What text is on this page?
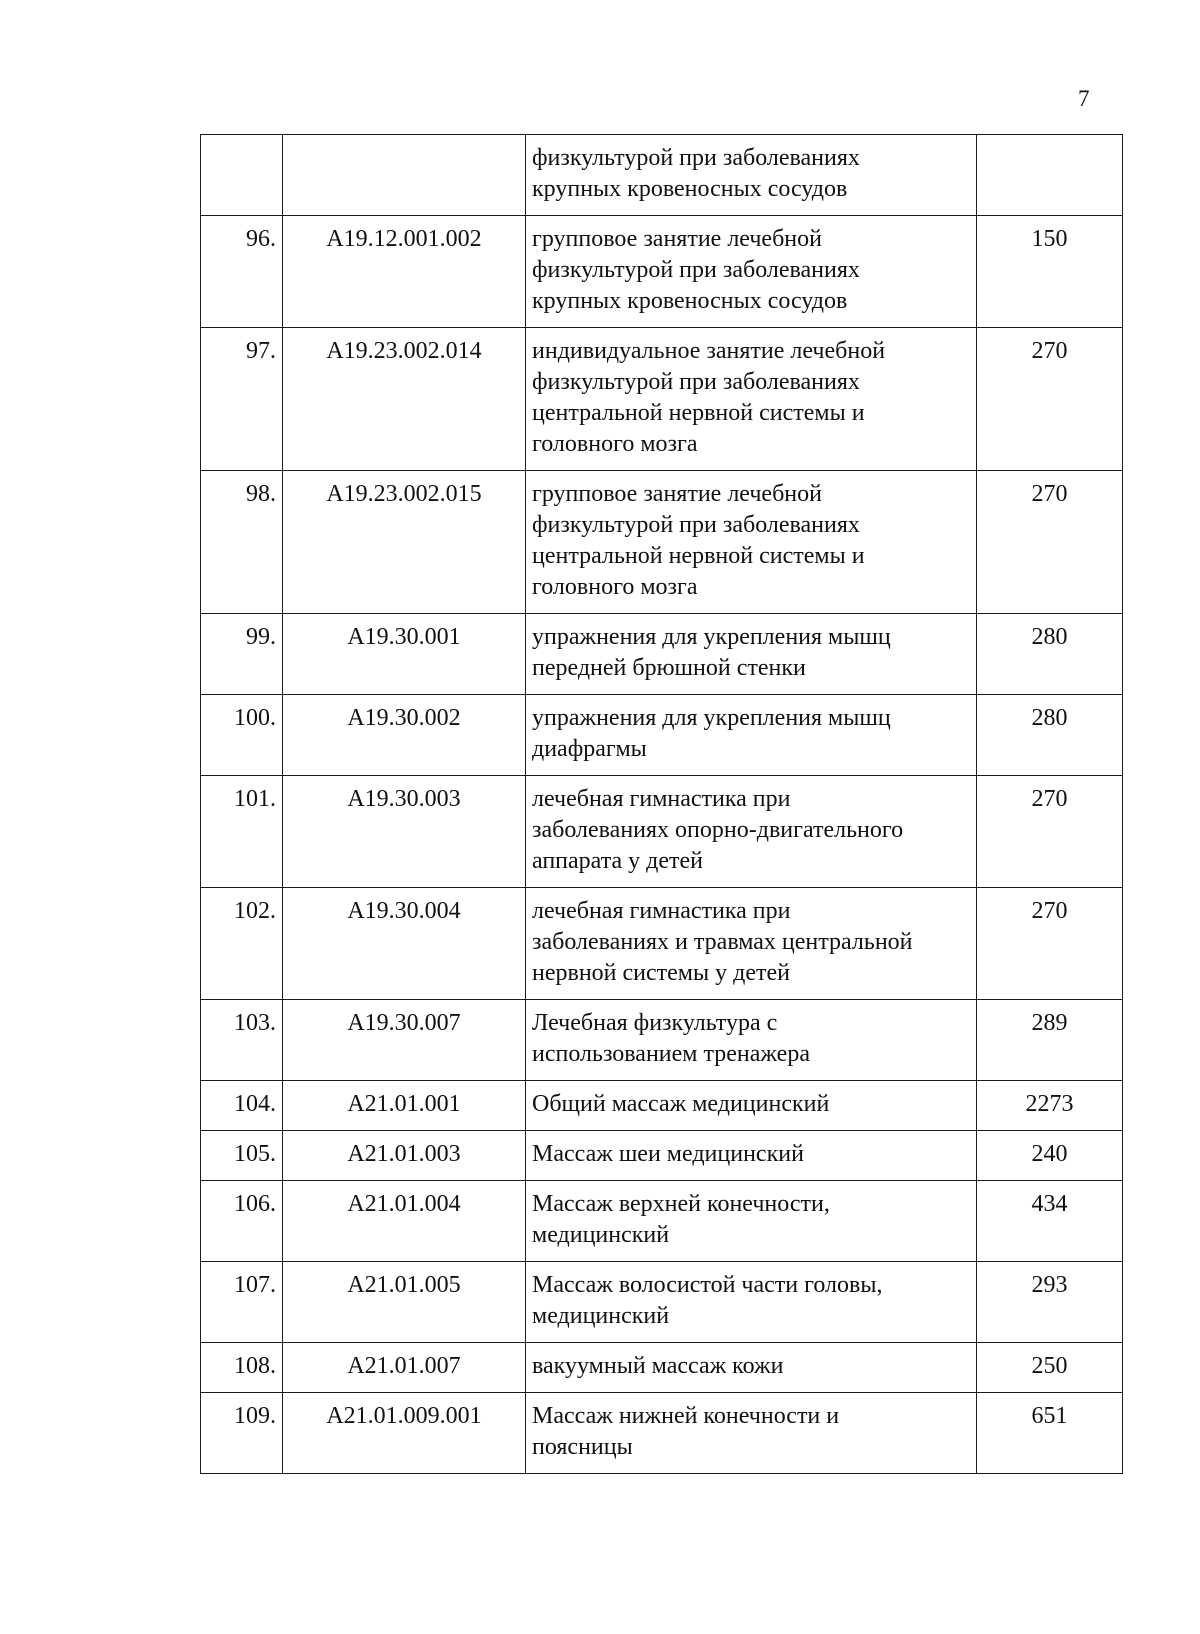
7
		физкультурой при заболеваниях
крупных кровеносных сосудов	
96.	А19.12.001.002	групповое занятие лечебной
физкультурой при заболеваниях
крупных кровеносных сосудов	150
97.	А19.23.002.014	индивидуальное занятие лечебной
физкультурой при заболеваниях
центральной нервной системы и
головного мозга	270
98.	А19.23.002.015	групповое занятие лечебной
физкультурой при заболеваниях
центральной нервной системы и
головного мозга	270
99.	А19.30.001	упражнения для укрепления мышц
передней брюшной стенки	280
100.	А19.30.002	упражнения для укрепления мышц
диафрагмы	280
101.	А19.30.003	лечебная гимнастика при
заболеваниях опорно-двигательного
аппарата у детей	270
102.	А19.30.004	лечебная гимнастика при
заболеваниях и травмах центральной
нервной системы у детей	270
103.	А19.30.007	Лечебная физкультура с
использованием тренажера	289
104.	А21.01.001	Общий массаж медицинский	2273
105.	А21.01.003	Массаж шеи медицинский	240
106.	А21.01.004	Массаж верхней конечности,
медицинский	434
107.	А21.01.005	Массаж волосистой части головы,
медицинский	293
108.	А21.01.007	вакуумный массаж кожи	250
109.	А21.01.009.001	Массаж нижней конечности и
поясницы	651
